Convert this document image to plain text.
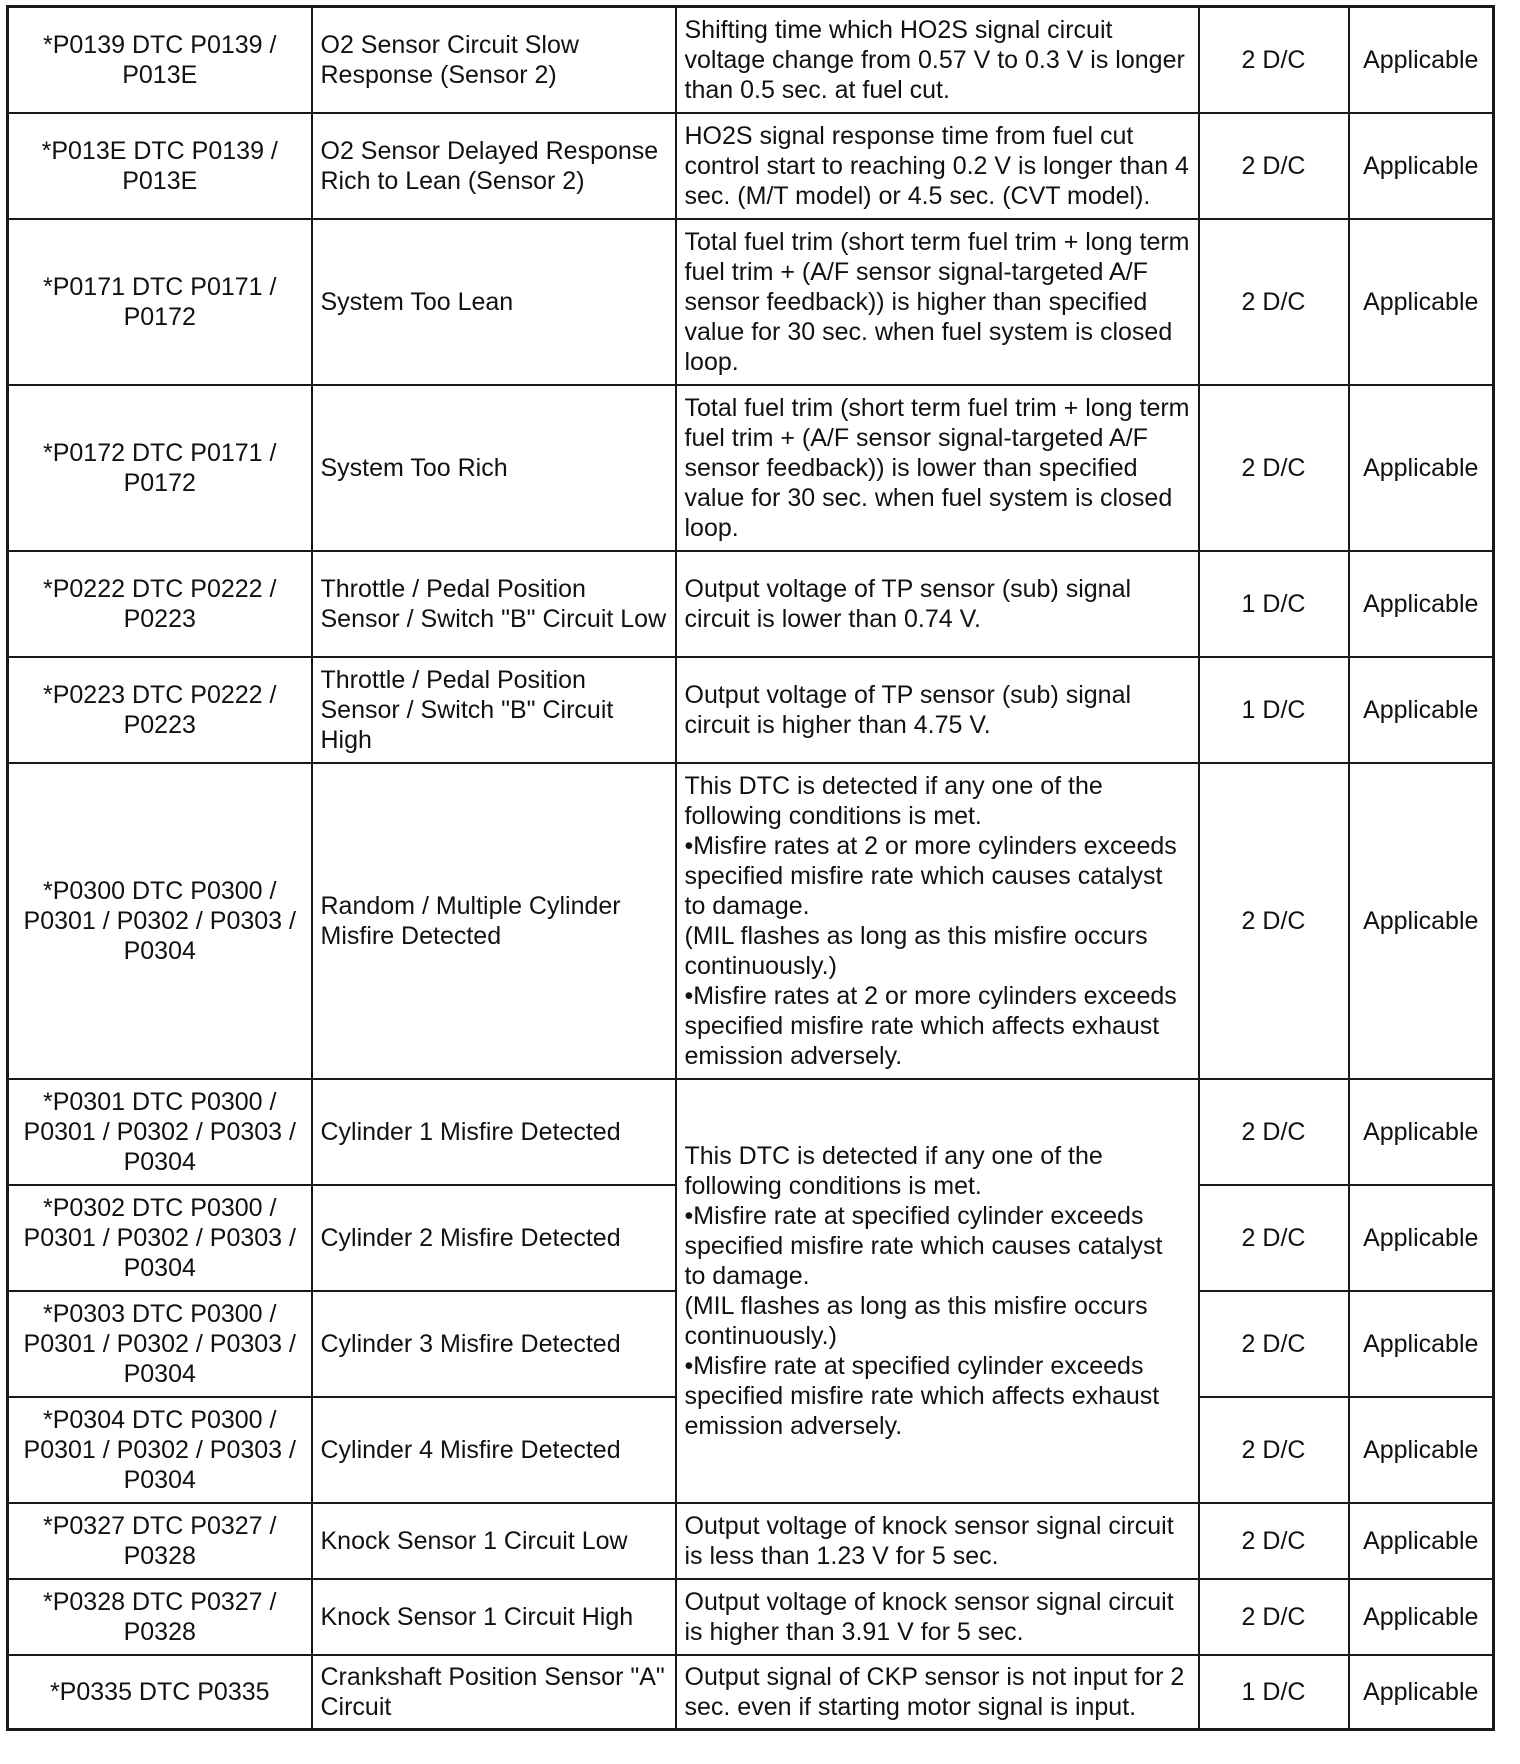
*P0139 DTC P0139 / P013E	O2 Sensor Circuit Slow Response (Sensor 2)	Shifting time which HO2S signal circuit voltage change from 0.57 V to 0.3 V is longer than 0.5 sec. at fuel cut.	2 D/C	Applicable
*P013E DTC P0139 / P013E	O2 Sensor Delayed Response Rich to Lean (Sensor 2)	HO2S signal response time from fuel cut control start to reaching 0.2 V is longer than 4 sec. (M/T model) or 4.5 sec. (CVT model).	2 D/C	Applicable
*P0171 DTC P0171 / P0172	System Too Lean	Total fuel trim (short term fuel trim + long term fuel trim + (A/F sensor signal-targeted A/F sensor feedback)) is higher than specified value for 30 sec. when fuel system is closed loop.	2 D/C	Applicable
*P0172 DTC P0171 / P0172	System Too Rich	Total fuel trim (short term fuel trim + long term fuel trim + (A/F sensor signal-targeted A/F sensor feedback)) is lower than specified value for 30 sec. when fuel system is closed loop.	2 D/C	Applicable
*P0222 DTC P0222 / P0223	Throttle / Pedal Position Sensor / Switch "B" Circuit Low	Output voltage of TP sensor (sub) signal circuit is lower than 0.74 V.	1 D/C	Applicable
*P0223 DTC P0222 / P0223	Throttle / Pedal Position Sensor / Switch "B" Circuit High	Output voltage of TP sensor (sub) signal circuit is higher than 4.75 V.	1 D/C	Applicable
*P0300 DTC P0300 / P0301 / P0302 / P0303 / P0304	Random / Multiple Cylinder Misfire Detected	This DTC is detected if any one of the following conditions is met.
•Misfire rates at 2 or more cylinders exceeds specified misfire rate which causes catalyst to damage.
(MIL flashes as long as this misfire occurs continuously.)
•Misfire rates at 2 or more cylinders exceeds specified misfire rate which affects exhaust emission adversely.	2 D/C	Applicable
*P0301 DTC P0300 / P0301 / P0302 / P0303 / P0304	Cylinder 1 Misfire Detected	This DTC is detected if any one of the following conditions is met.
•Misfire rate at specified cylinder exceeds specified misfire rate which causes catalyst to damage.
(MIL flashes as long as this misfire occurs continuously.)
•Misfire rate at specified cylinder exceeds specified misfire rate which affects exhaust emission adversely.	2 D/C	Applicable
*P0302 DTC P0300 / P0301 / P0302 / P0303 / P0304	Cylinder 2 Misfire Detected		2 D/C	Applicable
*P0303 DTC P0300 / P0301 / P0302 / P0303 / P0304	Cylinder 3 Misfire Detected		2 D/C	Applicable
*P0304 DTC P0300 / P0301 / P0302 / P0303 / P0304	Cylinder 4 Misfire Detected		2 D/C	Applicable
*P0327 DTC P0327 / P0328	Knock Sensor 1 Circuit Low	Output voltage of knock sensor signal circuit is less than 1.23 V for 5 sec.	2 D/C	Applicable
*P0328 DTC P0327 / P0328	Knock Sensor 1 Circuit High	Output voltage of knock sensor signal circuit is higher than 3.91 V for 5 sec.	2 D/C	Applicable
*P0335 DTC P0335	Crankshaft Position Sensor "A" Circuit	Output signal of CKP sensor is not input for 2 sec. even if starting motor signal is input.	1 D/C	Applicable
